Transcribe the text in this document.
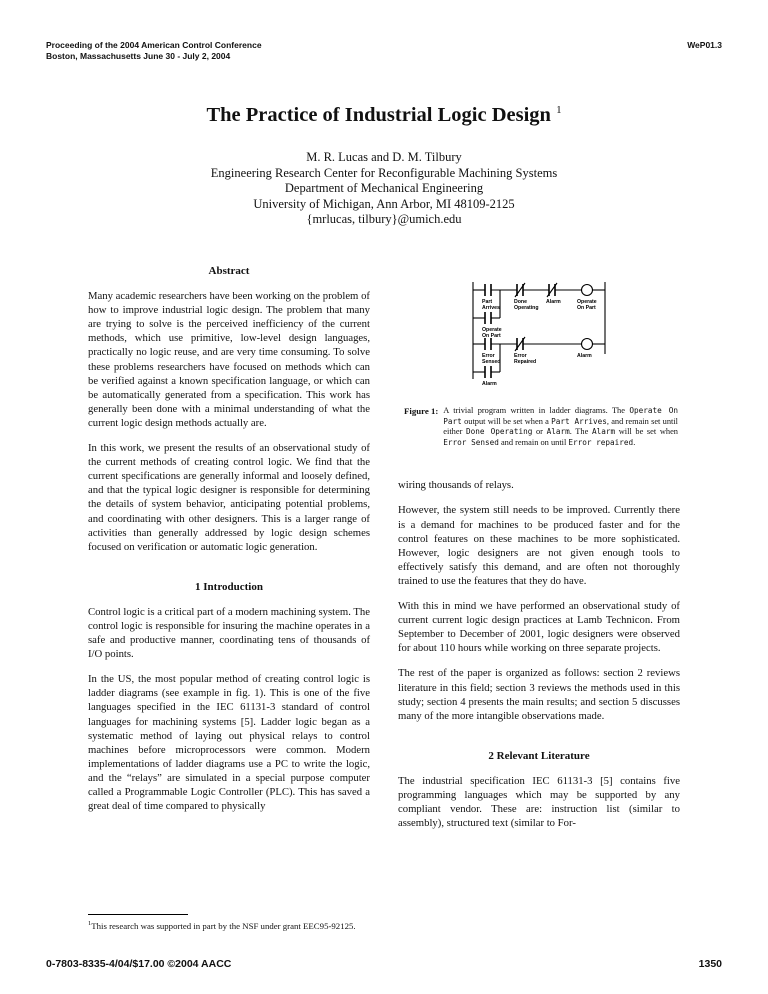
Proceeding of the 2004 American Control Conference
Boston, Massachusetts June 30 - July 2, 2004
WeP01.3
The Practice of Industrial Logic Design $^1$
M. R. Lucas and D. M. Tilbury
Engineering Research Center for Reconfigurable Machining Systems
Department of Mechanical Engineering
University of Michigan, Ann Arbor, MI 48109-2125
{mrlucas, tilbury}@umich.edu
Abstract

Many academic researchers have been working on the problem of how to improve industrial logic design. The problem that many are trying to solve is the perceived inefficiency of the current methods, which use primitive, low-level design languages, practically no logic reuse, and are very time consuming. To solve these problems researchers have focused on methods which can be verified against a known specification language, or which can be automatically generated from a specification. This work has generally been done with a minimal understanding of what the current logic design methods actually are.

In this work, we present the results of an observational study of the current methods of creating control logic. We find that the current specifications are generally informal and loosely defined, and that the typical logic designer is responsible for determining the details of system behavior, anticipating potential problems, and coordinating with other designers. This is a larger range of activities than generally addressed by logic design schemes focused on verification or automatic logic generation.

1 Introduction

Control logic is a critical part of a modern machining system. The control logic is responsible for insuring the machine operates in a safe and productive manner, coordinating tens of thousands of I/O points.

In the US, the most popular method of creating control logic is ladder diagrams (see example in fig. 1). This is one of the five languages specified in the IEC 61131-3 standard of control languages for machining systems [5]. Ladder logic began as a systematic method of laying out physical relays to control machines before microprocessors were common. Modern implementations of ladder diagrams use a PC to write the logic, and the “relays” are simulated in a special purpose computer called a Programmable Logic Controller (PLC). This has saved a great deal of time compared to physically

$^1$This research was supported in part by the NSF under grant EEC95-92125.
Part
Arrives
Done
Operating
Alarm	Operate
On Part
Operate
On Part
Error
Sensed
Error
Repaired
Alarm
Alarm
Figure 1: A trivial program written in ladder diagrams. The Operate On Part output will be set when a Part Arrives, and remain set until either Done Operating or Alarm. The Alarm will be set when Error Sensed and remain on until Error repaired.

wiring thousands of relays.

However, the system still needs to be improved. Currently there is a demand for machines to be produced faster and for the control features on these machines to be more sophisticated. However, logic designers are not given enough tools to effectively satisfy this demand, and are often not thoroughly trained to use the features that they do have.

With this in mind we have performed an observational study of current current logic design practices at Lamb Technicon. From September to December of 2001, logic designers were observed for about 110 hours while working on three separate projects.

The rest of the paper is organized as follows: section 2 reviews literature in this field; section 3 reviews the methods used in this study; section 4 presents the main results; and section 5 discusses many of the more intangible observations made.

2 Relevant Literature

The industrial specification IEC 61131-3 [5] contains five programming languages which may be supported by any compliant vendor. These are: instruction list (similar to assembly), structured text (similar to For-

0-7803-8335-4/04/$17.00 ©2004 AACC	1350
